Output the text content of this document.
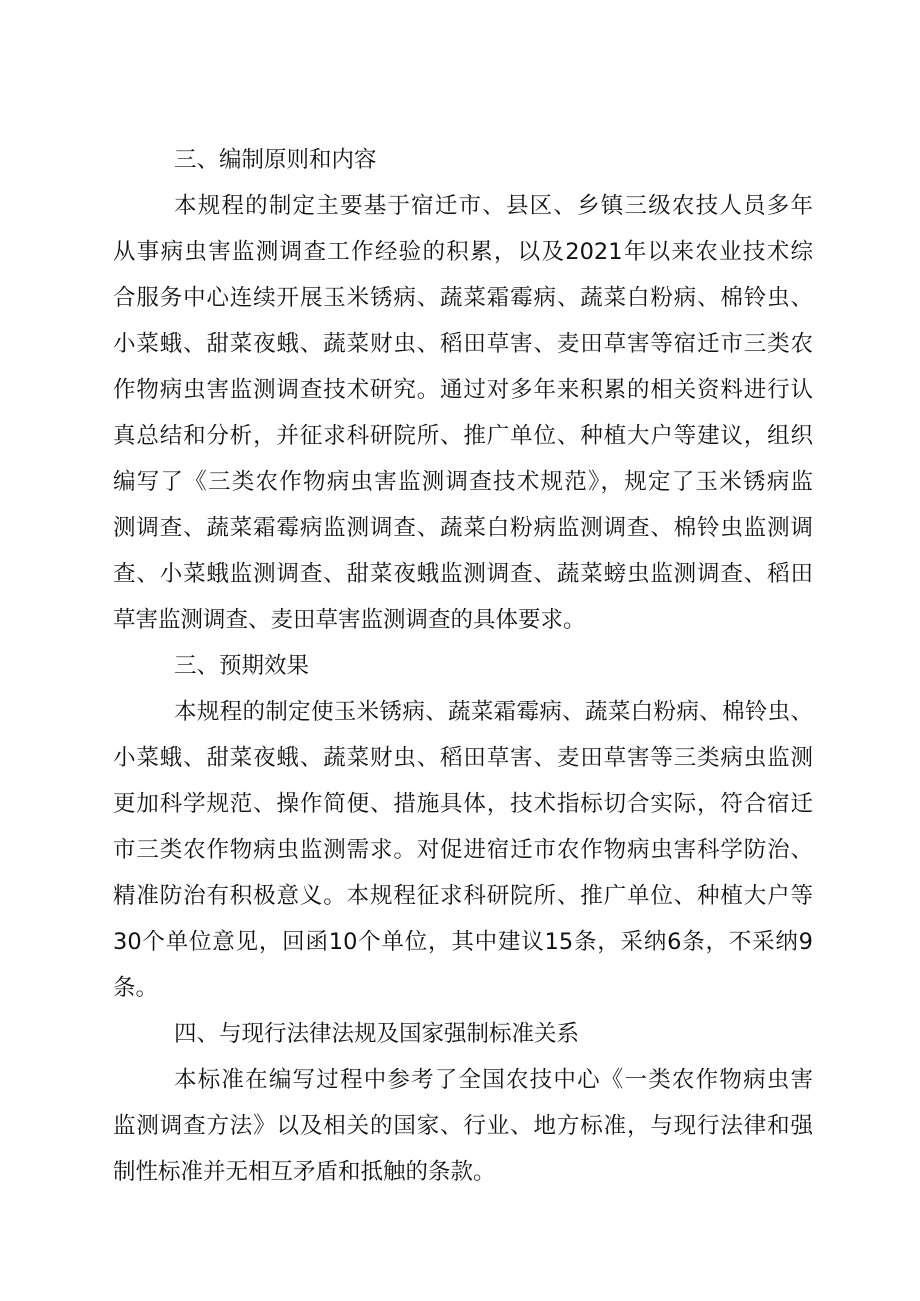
三、编制原则和内容
本规程的制定主要基于宿迁市、县区、乡镇三级农技人员多年
从事病虫害监测调查工作经验的积累，以及2021年以来农业技术综
合服务中心连续开展玉米锈病、蔬菜霜霉病、蔬菜白粉病、棉铃虫、
小菜蛾、甜菜夜蛾、蔬菜财虫、稻田草害、麦田草害等宿迁市三类农
作物病虫害监测调查技术研究。通过对多年来积累的相关资料进行认
真总结和分析，并征求科研院所、推广单位、种植大户等建议，组织
编写了《三类农作物病虫害监测调查技术规范》，规定了玉米锈病监
测调查、蔬菜霜霉病监测调查、蔬菜白粉病监测调查、棉铃虫监测调
查、小菜蛾监测调查、甜菜夜蛾监测调查、蔬菜螃虫监测调查、稻田
草害监测调查、麦田草害监测调查的具体要求。
三、预期效果
本规程的制定使玉米锈病、蔬菜霜霉病、蔬菜白粉病、棉铃虫、
小菜蛾、甜菜夜蛾、蔬菜财虫、稻田草害、麦田草害等三类病虫监测
更加科学规范、操作简便、措施具体，技术指标切合实际，符合宿迁
市三类农作物病虫监测需求。对促进宿迁市农作物病虫害科学防治、
精准防治有积极意义。本规程征求科研院所、推广单位、种植大户等
30个单位意见，回函10个单位，其中建议15条，采纳6条，不采纳9
条。
四、与现行法律法规及国家强制标准关系
本标准在编写过程中参考了全国农技中心《一类农作物病虫害
监测调查方法》以及相关的国家、行业、地方标准，与现行法律和强
制性标准并无相互矛盾和抵触的条款。
